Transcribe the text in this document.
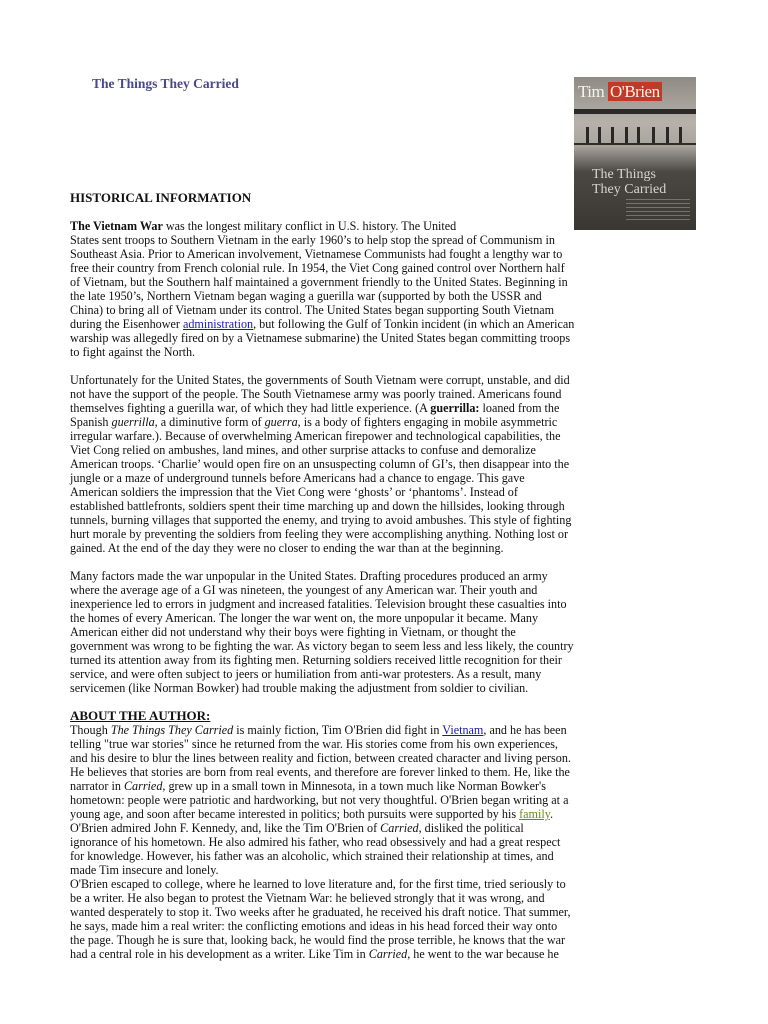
The Things They Carried	Tim O'Brien
The Things
They Carried

HISTORICAL INFORMATION

The Vietnam War was the longest military conflict in U.S. history. The United

States sent troops to Southern Vietnam in the early 1960’s to help stop the spread of Communism in

Southeast Asia. Prior to American involvement, Vietnamese Communists had fought a lengthy war to

free their country from French colonial rule. In 1954, the Viet Cong gained control over Northern half

of Vietnam, but the Southern half maintained a government friendly to the United States. Beginning in

the late 1950’s, Northern Vietnam began waging a guerilla war (supported by both the USSR and

China) to bring all of Vietnam under its control. The United States began supporting South Vietnam

during the Eisenhower administration, but following the Gulf of Tonkin incident (in which an American

warship was allegedly fired on by a Vietnamese submarine) the United States began committing troops

to fight against the North.

Unfortunately for the United States, the governments of South Vietnam were corrupt, unstable, and did

not have the support of the people. The South Vietnamese army was poorly trained. Americans found

themselves fighting a guerilla war, of which they had little experience. (A guerrilla: loaned from the

Spanish guerrilla, a diminutive form of guerra, is a body of fighters engaging in mobile asymmetric

irregular warfare.). Because of overwhelming American firepower and technological capabilities, the

Viet Cong relied on ambushes, land mines, and other surprise attacks to confuse and demoralize

American troops. ‘Charlie’ would open fire on an unsuspecting column of GI’s, then disappear into the

jungle or a maze of underground tunnels before Americans had a chance to engage. This gave

American soldiers the impression that the Viet Cong were ‘ghosts’ or ‘phantoms’. Instead of

established battlefronts, soldiers spent their time marching up and down the hillsides, looking through

tunnels, burning villages that supported the enemy, and trying to avoid ambushes. This style of fighting

hurt morale by preventing the soldiers from feeling they were accomplishing anything. Nothing lost or

gained. At the end of the day they were no closer to ending the war than at the beginning.

Many factors made the war unpopular in the United States. Drafting procedures produced an army

where the average age of a GI was nineteen, the youngest of any American war. Their youth and

inexperience led to errors in judgment and increased fatalities. Television brought these casualties into

the homes of every American. The longer the war went on, the more unpopular it became. Many

American either did not understand why their boys were fighting in Vietnam, or thought the

government was wrong to be fighting the war. As victory began to seem less and less likely, the country

turned its attention away from its fighting men. Returning soldiers received little recognition for their

service, and were often subject to jeers or humiliation from anti-war protesters. As a result, many

servicemen (like Norman Bowker) had trouble making the adjustment from soldier to civilian.

ABOUT THE AUTHOR:

Though The Things They Carried is mainly fiction, Tim O'Brien did fight in Vietnam, and he has been

telling "true war stories" since he returned from the war. His stories come from his own experiences,

and his desire to blur the lines between reality and fiction, between created character and living person.

He believes that stories are born from real events, and therefore are forever linked to them. He, like the

narrator in Carried, grew up in a small town in Minnesota, in a town much like Norman Bowker's

hometown: people were patriotic and hardworking, but not very thoughtful. O'Brien began writing at a

young age, and soon after became interested in politics; both pursuits were supported by his family.

O'Brien admired John F. Kennedy, and, like the Tim O'Brien of Carried, disliked the political

ignorance of his hometown. He also admired his father, who read obsessively and had a great respect

for knowledge. However, his father was an alcoholic, which strained their relationship at times, and

made Tim insecure and lonely.

O'Brien escaped to college, where he learned to love literature and, for the first time, tried seriously to

be a writer. He also began to protest the Vietnam War: he believed strongly that it was wrong, and

wanted desperately to stop it. Two weeks after he graduated, he received his draft notice. That summer,

he says, made him a real writer: the conflicting emotions and ideas in his head forced their way onto

the page. Though he is sure that, looking back, he would find the prose terrible, he knows that the war

had a central role in his development as a writer. Like Tim in Carried, he went to the war because he
